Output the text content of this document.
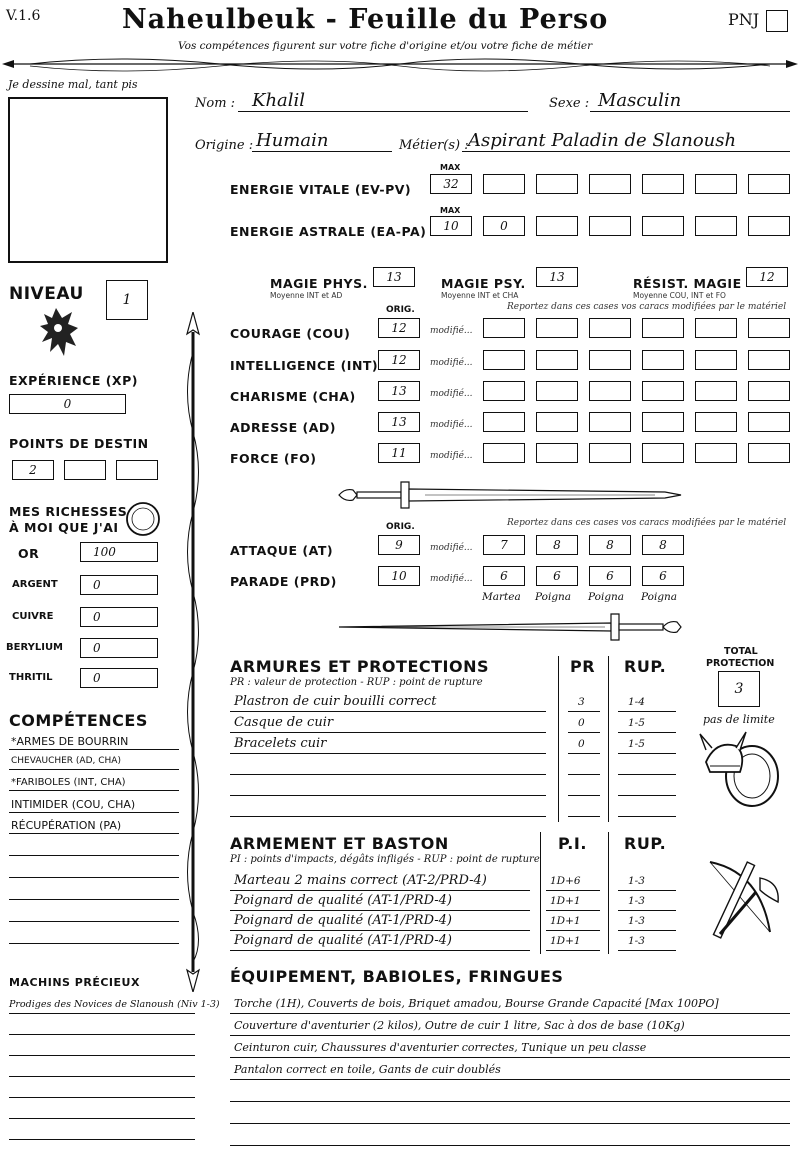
V.1.6	Naheulbeuk - Feuille du Perso	PNJ
Vos compétences figurent sur votre fiche d'origine et/ou votre fiche de métier
Je dessine mal, tant pis
Nom : Khalil	Sexe : Masculin
Origine : Humain	Métier(s) : Aspirant Paladin de Slanoush
MAX
ENERGIE VITALE (EV-PV)	32
MAX
ENERGIE ASTRALE (EA-PA)	10	0
MAGIE PHYS.
Moyenne INT et AD
13	MAGIE PSY.
Moyenne INT et CHA
13	RÉSIST. MAGIE
Moyenne COU, INT et FO
12
NIVEAU	1
EXPÉRIENCE (XP)
0
POINTS DE DESTIN
2
MES RICHESSES
À MOI QUE J'AI
OR	100
ARGENT	0
CUIVRE	0
BERYLIUM	0
THRITIL	0
COMPÉTENCES
*ARMES DE BOURRIN
CHEVAUCHER (AD, CHA)
*FARIBOLES (INT, CHA)
INTIMIDER (COU, CHA)
RÉCUPÉRATION (PA)
ORIG.	Reportez dans ces cases vos caracs modifiées par le matériel
COURAGE (COU)	12	modifié...
INTELLIGENCE (INT)	12	modifié...
CHARISME (CHA)	13	modifié...
ADRESSE (AD)	13	modifié...
FORCE (FO)	11	modifié...
ORIG.	Reportez dans ces cases vos caracs modifiées par le matériel
ATTAQUE (AT)	9	modifié...	7	8	8	8
PARADE (PRD)	10	modifié...	6	6	6	6
Martea Poigna Poigna Poigna
ARMURES ET PROTECTIONS
PR : valeur de protection - RUP : point de rupture
PR RUP.
Plastron de cuir bouilli correct	3	1-4
Casque de cuir	0	1-5
Bracelets cuir	0	1-5
TOTAL
PROTECTION
3
pas de limite
ARMEMENT ET BASTON
PI : points d'impacts, dégâts infligés - RUP : point de rupture
P.I. RUP.
Marteau 2 mains correct (AT-2/PRD-4)	1D+6	1-3
Poignard de qualité (AT-1/PRD-4)	1D+1	1-3
Poignard de qualité (AT-1/PRD-4)	1D+1	1-3
Poignard de qualité (AT-1/PRD-4)	1D+1	1-3
MACHINS PRÉCIEUX
Prodiges des Novices de Slanoush (Niv 1-3)
ÉQUIPEMENT, BABIOLES, FRINGUES
Torche (1H), Couverts de bois, Briquet amadou, Bourse Grande Capacité [Max 100PO]
Couverture d'aventurier (2 kilos), Outre de cuir 1 litre, Sac à dos de base (10Kg)
Ceinturon cuir, Chaussures d'aventurier correctes, Tunique un peu classe
Pantalon correct en toile, Gants de cuir doublés
